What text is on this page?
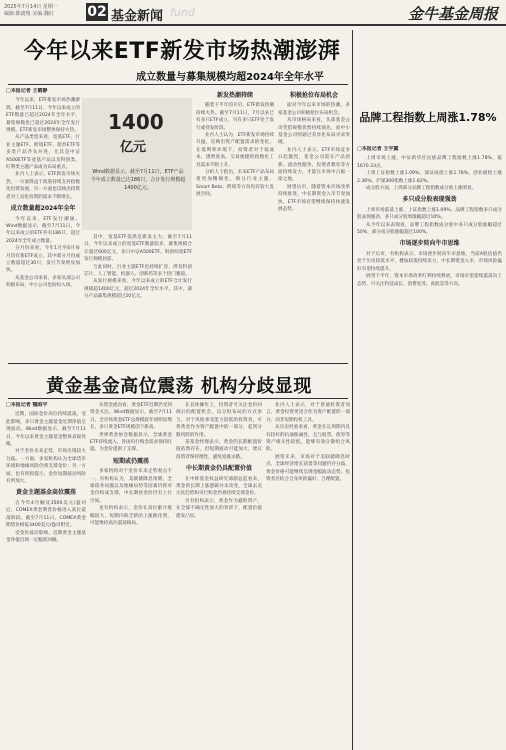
2025年7月14日 星期一
编辑:陈渡炮 美编:魏红	02 基金新闻 fund	金牛基金周报
今年以来ETF新发市场热潮澎湃
成立数量与募集规模均超2024年全年水平
□本报记者 王鹤静

今年以来，ETF新发市场热潮澎湃。截至7月11日，今年以来成立的ETF数量已超过2024年全年水平，募集规模也已超过2024年全年发行规模。ETF新发市场整体保持火热。

从产品类型来看，宽基ETF、行业主题ETF、跨境ETF、债券ETF等多类产品齐头并进，尤其是中证A500ETF等宽基产品以及科创类、红利类主题产品成为布局重点。

业内人士表示，ETF新发市场火热，一方面得益于政策持续支持指数化投资发展，另一方面也反映出投资者对工具化投资的需求不断增长。

成立数量超2024年全年

今年以来，ETF发行潮涌。Wind数据显示，截至7月11日，今年以来成立的ETF共有186只，超过2024年全年成立数量。

分月份来看，今年1月至6月每月均有新ETF成立，其中部分月份成立数量超过30只，发行节奏明显加快。

从基金公司来看，多家头部公司积极布局，中小公司也纷纷入场。

1400
亿元
Wind数据显示，截至7月11日，ETF产品今年成立数量已达186只，合计发行规模超1400亿元。

其中，宽基ETF依然是新发主力。截至7月11日，今年以来成立的宽基ETF数量较多，募集规模合计超过600亿元，多只中证A500ETF、科创综指ETF发行规模居前。

与此同时，行业主题ETF也持续扩容，涉及科创芯片、人工智能、机器人、创新药等多个热门赛道。

从发行规模来看，今年以来成立的ETF合计发行规模超1400亿元，超过2024年全年水平。其中，部分产品募集规模超过20亿元。

新发热潮持续

随着下半年的开启，ETF新发热潮持续火热。截至7月11日，7月以来已有多只ETF成立，另有多只ETF处于发行或待发阶段。

业内人士认为，ETF新发市场持续升温，反映出资产配置需求的变化。在低利率环境下，投资者对于低成本、透明度高、交易便捷的指数化工具需求不断上升。

分析人士指出，未来ETF产品布局将更加精细化，细分行业主题、Smart Beta、跨境等方向均有较大发展空间。

积极抢位布局机会

面对今年以来市场的热潮，多家基金公司积极抢位布局机会。

从市场格局来看，头部基金公司凭借规模优势持续领先，而中小基金公司则通过差异化布局寻求突破。

业内人士表示，ETF市场竞争日趋激烈，基金公司需在产品创新、流动性服务、投资者教育等方面持续发力，才能在市场中占据一席之地。

展望后市，随着资本市场改革持续推进，中长期资金入市节奏加快，ETF市场有望继续保持快速发展态势。

品牌工程指数上周涨1.78%
□本报记者 王宇露

上周市场上涨，中证新华社民族品牌工程指数上涨1.78%，报1670.33点。

上周上证指数上涨1.09%，深证成指上涨1.78%，创业板指上涨2.36%，沪深300指数上涨1.82%。

成分股方面，上周部分品牌工程指数成分股上涨明显。

多只成分股表现强劲

上周市场震荡上涨，上证指数上涨1.09%。品牌工程指数多只成分股表现强劲，多只成分股周涨幅超过10%。

从今年以来表现看，品牌工程指数成分股中多只成分股涨幅超过50%，部分成分股涨幅超过100%。

市场逐步转向牛市思维

对于后市，有机构表示，市场逐步转向牛市思维。当前A股估值仍处于历史较低水平，叠加政策持续发力，中长期资金入市，市场风险偏好有望持续提升。

展望下半年，资本市场改革红利持续释放，市场有望延续震荡向上态势，可关注科技成长、消费复苏、高股息等方向。

黄金基金高位震荡 机构分歧显现
□本报记者 魏昭宇

近期，国际金价高位持续震荡。受此影响，多只黄金主题基金近期净值呈现波动。Wind数据显示，截至7月11日，今年以来黄金主题基金整体表现亮眼。

对于金价未来走势，市场出现较大分歧。一方面，多家机构认为全球货币环境和地缘风险仍将支撑金价；另一方面，也有机构提示，金价短期波动风险有所加大。

黄金主题基金高位震荡

自今年4月触及3500美元/盎司后，COMEX黄金期货价格进入高位震荡阶段。截至7月11日，COMEX黄金期货价格报3400美元/盎司附近。

受金价波动影响，近期黄金主题基金净值出现一定幅度回撤。

从资金流向看，黄金ETF近期仍受到资金关注。Wind数据显示，截至7月11日，全市场黄金ETF总规模较年初明显增长，多只黄金ETF规模创下新高。

世界黄金协会数据显示，全球黄金ETF持续流入，各国央行购金需求保持旺盛，为金价提供了支撑。

短期或仍震荡

多家机构对于金价未来走势观点不一。有机构认为，美联储降息预期、全球债务问题以及地缘局势等因素仍将对金价构成支撑，中长期看金价仍有上行空间。

也有机构表示，金价在高位累计涨幅较大，短期内缺乏新的上涨催化剂，可能维持高位震荡格局。

在具体操作上，投资者可关注金价回调后的配置机会，以分批布局的方式参与。对于风险承受能力较低的投资者，可将黄金作为资产配置中的一部分，起到分散风险的作用。

某基金经理表示，黄金的长期配置价值依然存在，但短期波动可能加大，建议投资者保持理性，避免追涨杀跌。

中长期黄金仍具配置价值

在中欧基金权益研究部副总监看来，黄金的长期上涨逻辑并未改变，全球去美元化趋势和央行购金仍将持续支撑金价。

另有机构表示，黄金作为避险资产，在全球不确定性加大的背景下，配置价值愈发凸显。

业内人士表示，对于普通投资者而言，黄金投资更适合作为资产配置的一部分，而非短期投机工具。

从历史经验来看，黄金在长周期内具有较好的抗通胀属性，且与股票、债券等资产相关性较低，能够有效分散组合风险。

展望未来，市场对于美联储降息时点、全球经济增长前景等问题仍存分歧，黄金价格可能继续呈现宽幅波动态势。投资者应结合自身风险偏好，合理配置。
